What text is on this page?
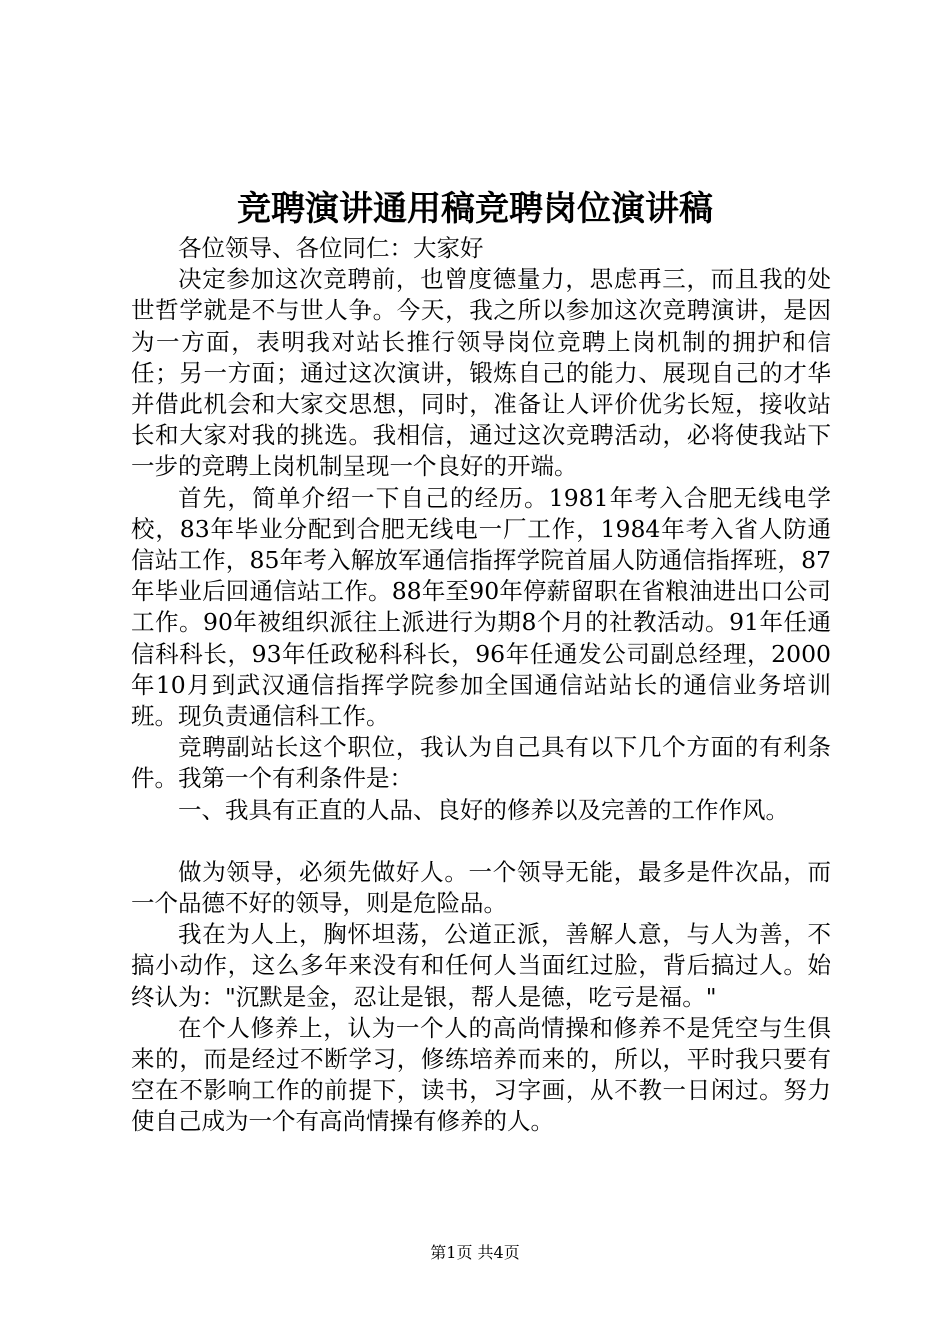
竞聘演讲通用稿竞聘岗位演讲稿

各位领导、各位同仁：大家好

决定参加这次竞聘前，也曾度德量力，思虑再三，而且我的处世哲学就是不与世人争。今天，我之所以参加这次竞聘演讲，是因为一方面，表明我对站长推行领导岗位竞聘上岗机制的拥护和信任；另一方面；通过这次演讲，锻炼自己的能力、展现自己的才华并借此机会和大家交思想，同时，准备让人评价优劣长短，接收站长和大家对我的挑选。我相信，通过这次竞聘活动，必将使我站下一步的竞聘上岗机制呈现一个良好的开端。

首先，简单介绍一下自己的经历。1981年考入合肥无线电学校，83年毕业分配到合肥无线电一厂工作，1984年考入省人防通信站工作，85年考入解放军通信指挥学院首届人防通信指挥班，87年毕业后回通信站工作。88年至90年停薪留职在省粮油进出口公司工作。90年被组织派往上派进行为期8个月的社教活动。91年任通信科科长，93年任政秘科科长，96年任通发公司副总经理，2000年10月到武汉通信指挥学院参加全国通信站站长的通信业务培训班。现负责通信科工作。

竞聘副站长这个职位，我认为自己具有以下几个方面的有利条件。我第一个有利条件是：

一、我具有正直的人品、良好的修养以及完善的工作作风。

做为领导，必须先做好人。一个领导无能，最多是件次品，而一个品德不好的领导，则是危险品。

我在为人上，胸怀坦荡，公道正派，善解人意，与人为善，不搞小动作，这么多年来没有和任何人当面红过脸，背后搞过人。始终认为："沉默是金，忍让是银，帮人是德，吃亏是福。"

在个人修养上，认为一个人的高尚情操和修养不是凭空与生俱来的，而是经过不断学习，修练培养而来的，所以，平时我只要有空在不影响工作的前提下，读书，习字画，从不教一日闲过。努力使自己成为一个有高尚情操有修养的人。

第1页 共4页
